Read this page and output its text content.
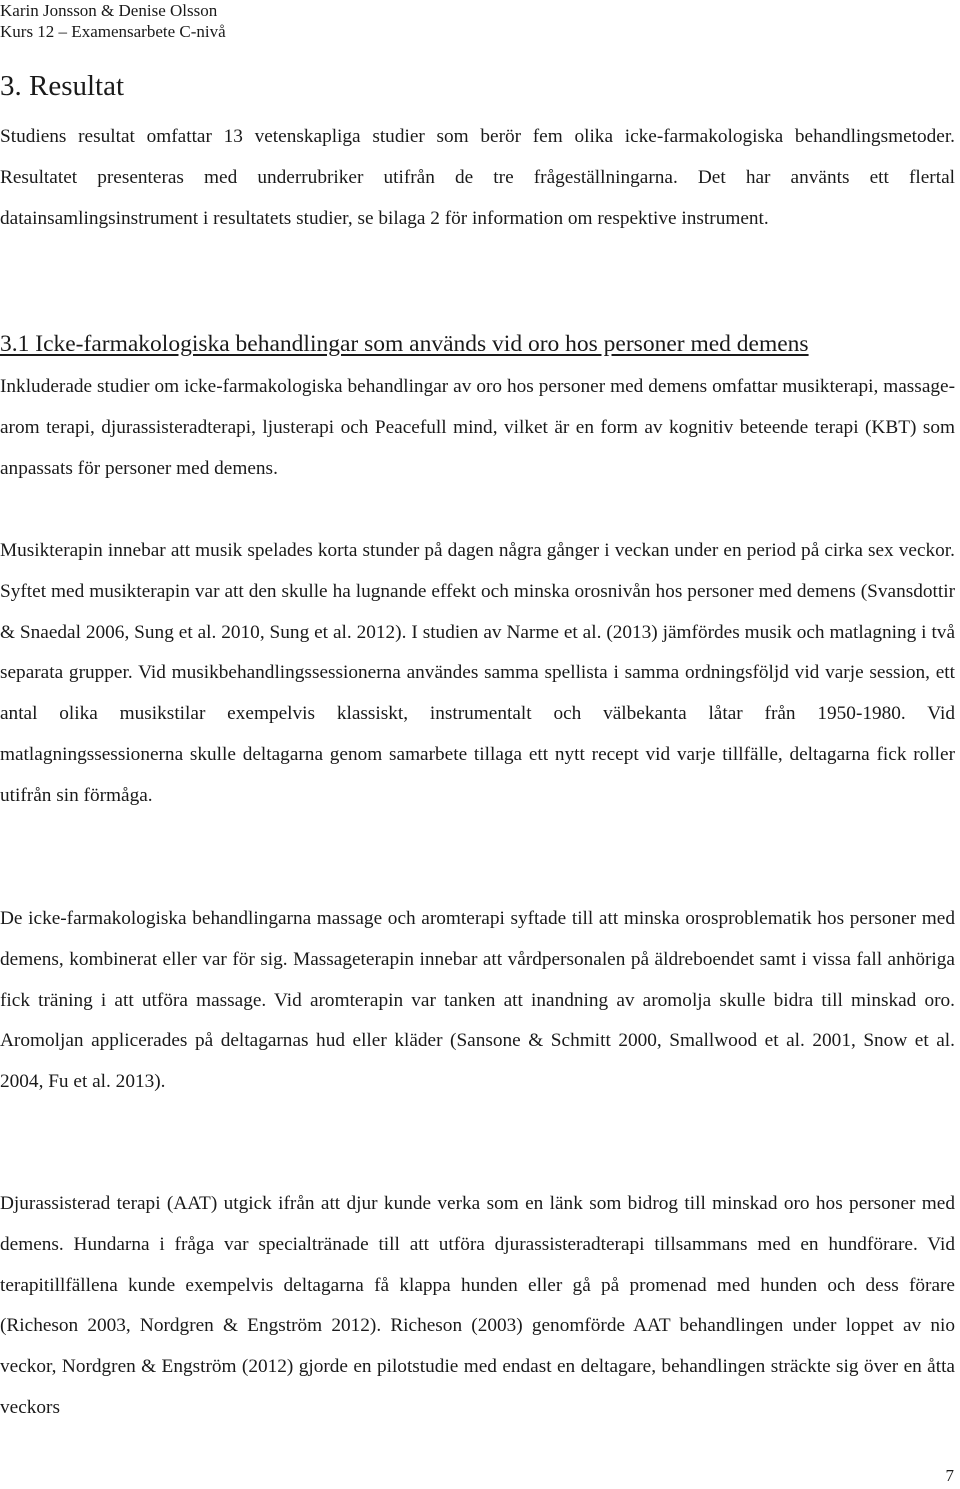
Karin Jonsson & Denise Olsson
Kurs 12 – Examensarbete C-nivå
3. Resultat

Studiens resultat omfattar 13 vetenskapliga studier som berör fem olika icke-farmakologiska behandlingsmetoder. Resultatet presenteras med underrubriker utifrån de tre frågeställningarna. Det har använts ett flertal datainsamlingsinstrument i resultatets studier, se bilaga 2 för information om respektive instrument.

3.1 Icke-farmakologiska behandlingar som används vid oro hos personer med demens

Inkluderade studier om icke-farmakologiska behandlingar av oro hos personer med demens omfattar musikterapi, massage-arom terapi, djurassisteradterapi, ljusterapi och Peacefull mind, vilket är en form av kognitiv beteende terapi (KBT) som anpassats för personer med demens.

Musikterapin innebar att musik spelades korta stunder på dagen några gånger i veckan under en period på cirka sex veckor. Syftet med musikterapin var att den skulle ha lugnande effekt och minska orosnivån hos personer med demens (Svansdottir & Snaedal 2006, Sung et al. 2010, Sung et al. 2012). I studien av Narme et al. (2013) jämfördes musik och matlagning i två separata grupper. Vid musikbehandlingssessionerna användes samma spellista i samma ordningsföljd vid varje session, ett antal olika musikstilar exempelvis klassiskt, instrumentalt och välbekanta låtar från 1950-1980. Vid matlagningssessionerna skulle deltagarna genom samarbete tillaga ett nytt recept vid varje tillfälle, deltagarna fick roller utifrån sin förmåga.

De icke-farmakologiska behandlingarna massage och aromterapi syftade till att minska orosproblematik hos personer med demens, kombinerat eller var för sig. Massageterapin innebar att vårdpersonalen på äldreboendet samt i vissa fall anhöriga fick träning i att utföra massage. Vid aromterapin var tanken att inandning av aromolja skulle bidra till minskad oro. Aromoljan applicerades på deltagarnas hud eller kläder (Sansone & Schmitt 2000, Smallwood et al. 2001, Snow et al. 2004, Fu et al. 2013).

Djurassisterad terapi (AAT) utgick ifrån att djur kunde verka som en länk som bidrog till minskad oro hos personer med demens. Hundarna i fråga var specialtränade till att utföra djurassisteradterapi tillsammans med en hundförare. Vid terapitillfällena kunde exempelvis deltagarna få klappa hunden eller gå på promenad med hunden och dess förare (Richeson 2003, Nordgren & Engström 2012). Richeson (2003) genomförde AAT behandlingen under loppet av nio veckor, Nordgren & Engström (2012) gjorde en pilotstudie med endast en deltagare, behandlingen sträckte sig över en åtta veckors

7
